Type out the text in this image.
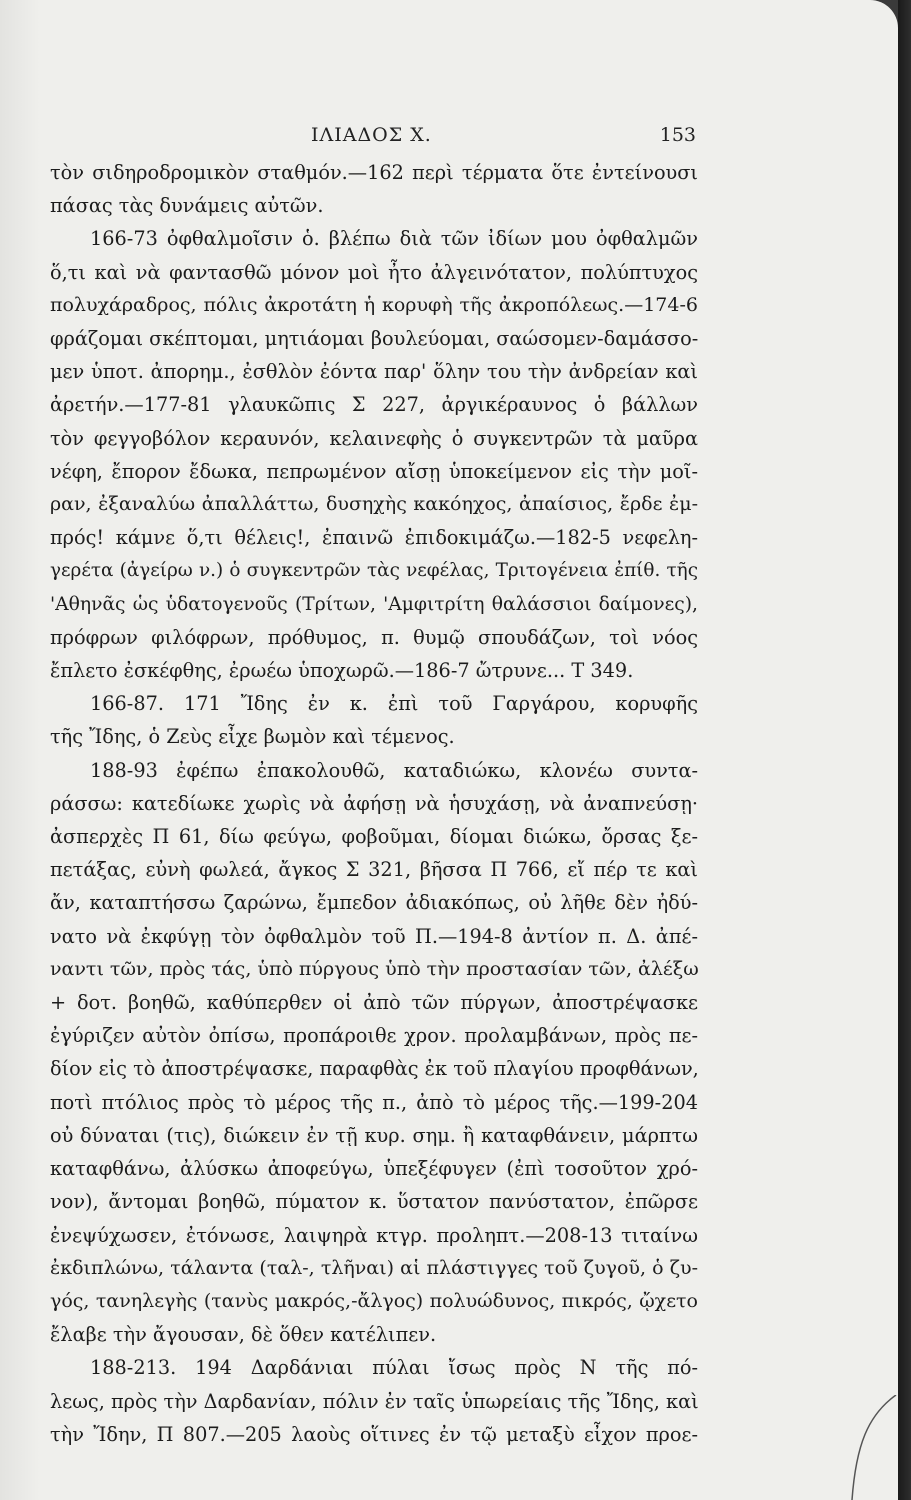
ΙΛΙΑΔΟΣ Χ.	153
τὸν σιδηροδρομικὸν σταθμόν.—162 περὶ τέρματα ὅτε ἐντείνουσι
πάσας τὰς δυνάμεις αὐτῶν.
166-73 ὀφθαλμοῖσιν ὁ. βλέπω διὰ τῶν ἰδίων μου ὀφθαλμῶν
ὅ,τι καὶ νὰ φαντασθῶ μόνον μοὶ ἦτο ἀλγεινότατον, πολύπτυχος
πολυχάραδρος, πόλις ἀκροτάτη ἡ κορυφὴ τῆς ἀκροπόλεως.—174-6
φράζομαι σκέπτομαι, μητιάομαι βουλεύομαι, σαώσομεν-δαμάσσο-
μεν ὑποτ. ἀπορημ., ἐσθλὸν ἐόντα παρ' ὅλην του τὴν ἀνδρείαν καὶ
ἀρετήν.—177-81 γλαυκῶπις Σ 227, ἀργικέραυνος ὁ βάλλων
τὸν φεγγοβόλον κεραυνόν, κελαινεφὴς ὁ συγκεντρῶν τὰ μαῦρα
νέφη, ἔπορον ἔδωκα, πεπρωμένον αἴσῃ ὑποκείμενον εἰς τὴν μοῖ-
ραν, ἐξαναλύω ἀπαλλάττω, δυσηχὴς κακόηχος, ἀπαίσιος, ἔρδε ἐμ-
πρός! κάμνε ὅ,τι θέλεις!, ἐπαινῶ ἐπιδοκιμάζω.—182-5 νεφελη-
γερέτα (ἀγείρω ν.) ὁ συγκεντρῶν τὰς νεφέλας, Τριτογένεια ἐπίθ. τῆς
'Αθηνᾶς ὡς ὑδατογενοῦς (Τρίτων, 'Αμφιτρίτη θαλάσσιοι δαίμονες),
πρόφρων φιλόφρων, πρόθυμος, π. θυμῷ σπουδάζων, τοὶ νόος
ἔπλετο ἐσκέφθης, ἐρωέω ὑποχωρῶ.—186-7 ὤτρυνε... Τ 349.
166-87. 171 Ἴδης ἐν κ. ἐπὶ τοῦ Γαργάρου, κορυφῆς
τῆς Ἴδης, ὁ Ζεὺς εἶχε βωμὸν καὶ τέμενος.
188-93 ἐφέπω ἐπακολουθῶ, καταδιώκω, κλονέω συντα-
ράσσω: κατεδίωκε χωρὶς νὰ ἀφήσῃ νὰ ἡσυχάσῃ, νὰ ἀναπνεύσῃ·
ἀσπερχὲς Π 61, δίω φεύγω, φοβοῦμαι, δίομαι διώκω, ὄρσας ξε-
πετάξας, εὐνὴ φωλεά, ἄγκος Σ 321, βῆσσα Π 766, εἴ πέρ τε καὶ
ἄν, καταπτήσσω ζαρώνω, ἔμπεδον ἀδιακόπως, οὐ λῆθε δὲν ἠδύ-
νατο νὰ ἐκφύγῃ τὸν ὀφθαλμὸν τοῦ Π.—194-8 ἀντίον π. Δ. ἀπέ-
ναντι τῶν, πρὸς τάς, ὑπὸ πύργους ὑπὸ τὴν προστασίαν τῶν, ἀλέξω
+ δοτ. βοηθῶ, καθύπερθεν οἱ ἀπὸ τῶν πύργων, ἀποστρέψασκε
ἐγύριζεν αὐτὸν ὀπίσω, προπάροιθε χρον. προλαμβάνων, πρὸς πε-
δίον εἰς τὸ ἀποστρέψασκε, παραφθὰς ἐκ τοῦ πλαγίου προφθάνων,
ποτὶ πτόλιος πρὸς τὸ μέρος τῆς π., ἀπὸ τὸ μέρος τῆς.—199-204
οὐ δύναται (τις), διώκειν ἐν τῇ κυρ. σημ. ἢ καταφθάνειν, μάρπτω
καταφθάνω, ἀλύσκω ἀποφεύγω, ὑπεξέφυγεν (ἐπὶ τοσοῦτον χρό-
νον), ἄντομαι βοηθῶ, πύματον κ. ὕστατον πανύστατον, ἐπῶρσε
ἐνεψύχωσεν, ἐτόνωσε, λαιψηρὰ κτγρ. προληπτ.—208-13 τιταίνω
ἐκδιπλώνω, τάλαντα (ταλ-, τλῆναι) αἱ πλάστιγγες τοῦ ζυγοῦ, ὁ ζυ-
γός, τανηλεγὴς (τανὺς μακρός,-ἄλγος) πολυώδυνος, πικρός, ᾤχετο
ἔλαβε τὴν ἄγουσαν, δὲ ὅθεν κατέλιπεν.
188-213. 194 Δαρδάνιαι πύλαι ἴσως πρὸς Ν τῆς πό-
λεως, πρὸς τὴν Δαρδανίαν, πόλιν ἐν ταῖς ὑπωρείαις τῆς Ἴδης, καὶ
τὴν Ἴδην, Π 807.—205 λαοὺς οἵτινες ἐν τῷ μεταξὺ εἶχον προε-
